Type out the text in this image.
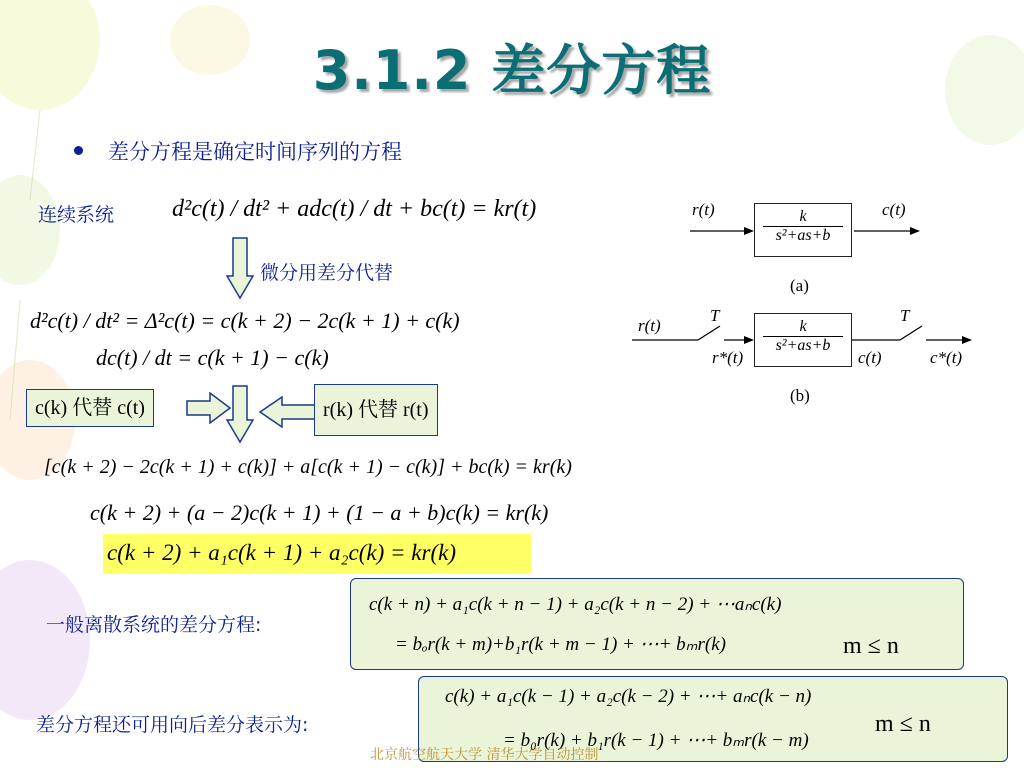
3.1.2 差分方程
差分方程是确定时间序列的方程
连续系统 d²c(t) / dt² + adc(t) / dt + bc(t) = kr(t)
微分用差分代替
d²c(t) / dt² = Δ²c(t) = c(k + 2) − 2c(k + 1) + c(k)
dc(t) / dt = c(k + 1) − c(k)
c(k) 代替 c(t)	r(k) 代替 r(t)
[c(k + 2) − 2c(k + 1) + c(k)] + a[c(k + 1) − c(k)] + bc(k) = kr(k)
c(k + 2) + (a − 2)c(k + 1) + (1 − a + b)c(k) = kr(k)
c(k + 2) + a₁c(k + 1) + a₂c(k) = kr(k)
一般离散系统的差分方程:
c(k + n) + a₁c(k + n − 1) + a₂c(k + n − 2) + ⋯aₙc(k)
= bₒr(k + m)+b₁r(k + m − 1) + ⋯+ bₘr(k)	m ≤ n
差分方程还可用向后差分表示为:
c(k) + a₁c(k − 1) + a₂c(k − 2) + ⋯+ aₙc(k − n)
= b₀r(k) + b₁r(k − 1) + ⋯+ bₘr(k − m)
m ≤ n
北京航空航天大学 清华大学自动控制
r(t)	c(t)
k
s²+as+b
(a)
r(t)
T
r*(t)
k
s²+as+b
c(t)
T
c*(t)
(b)
